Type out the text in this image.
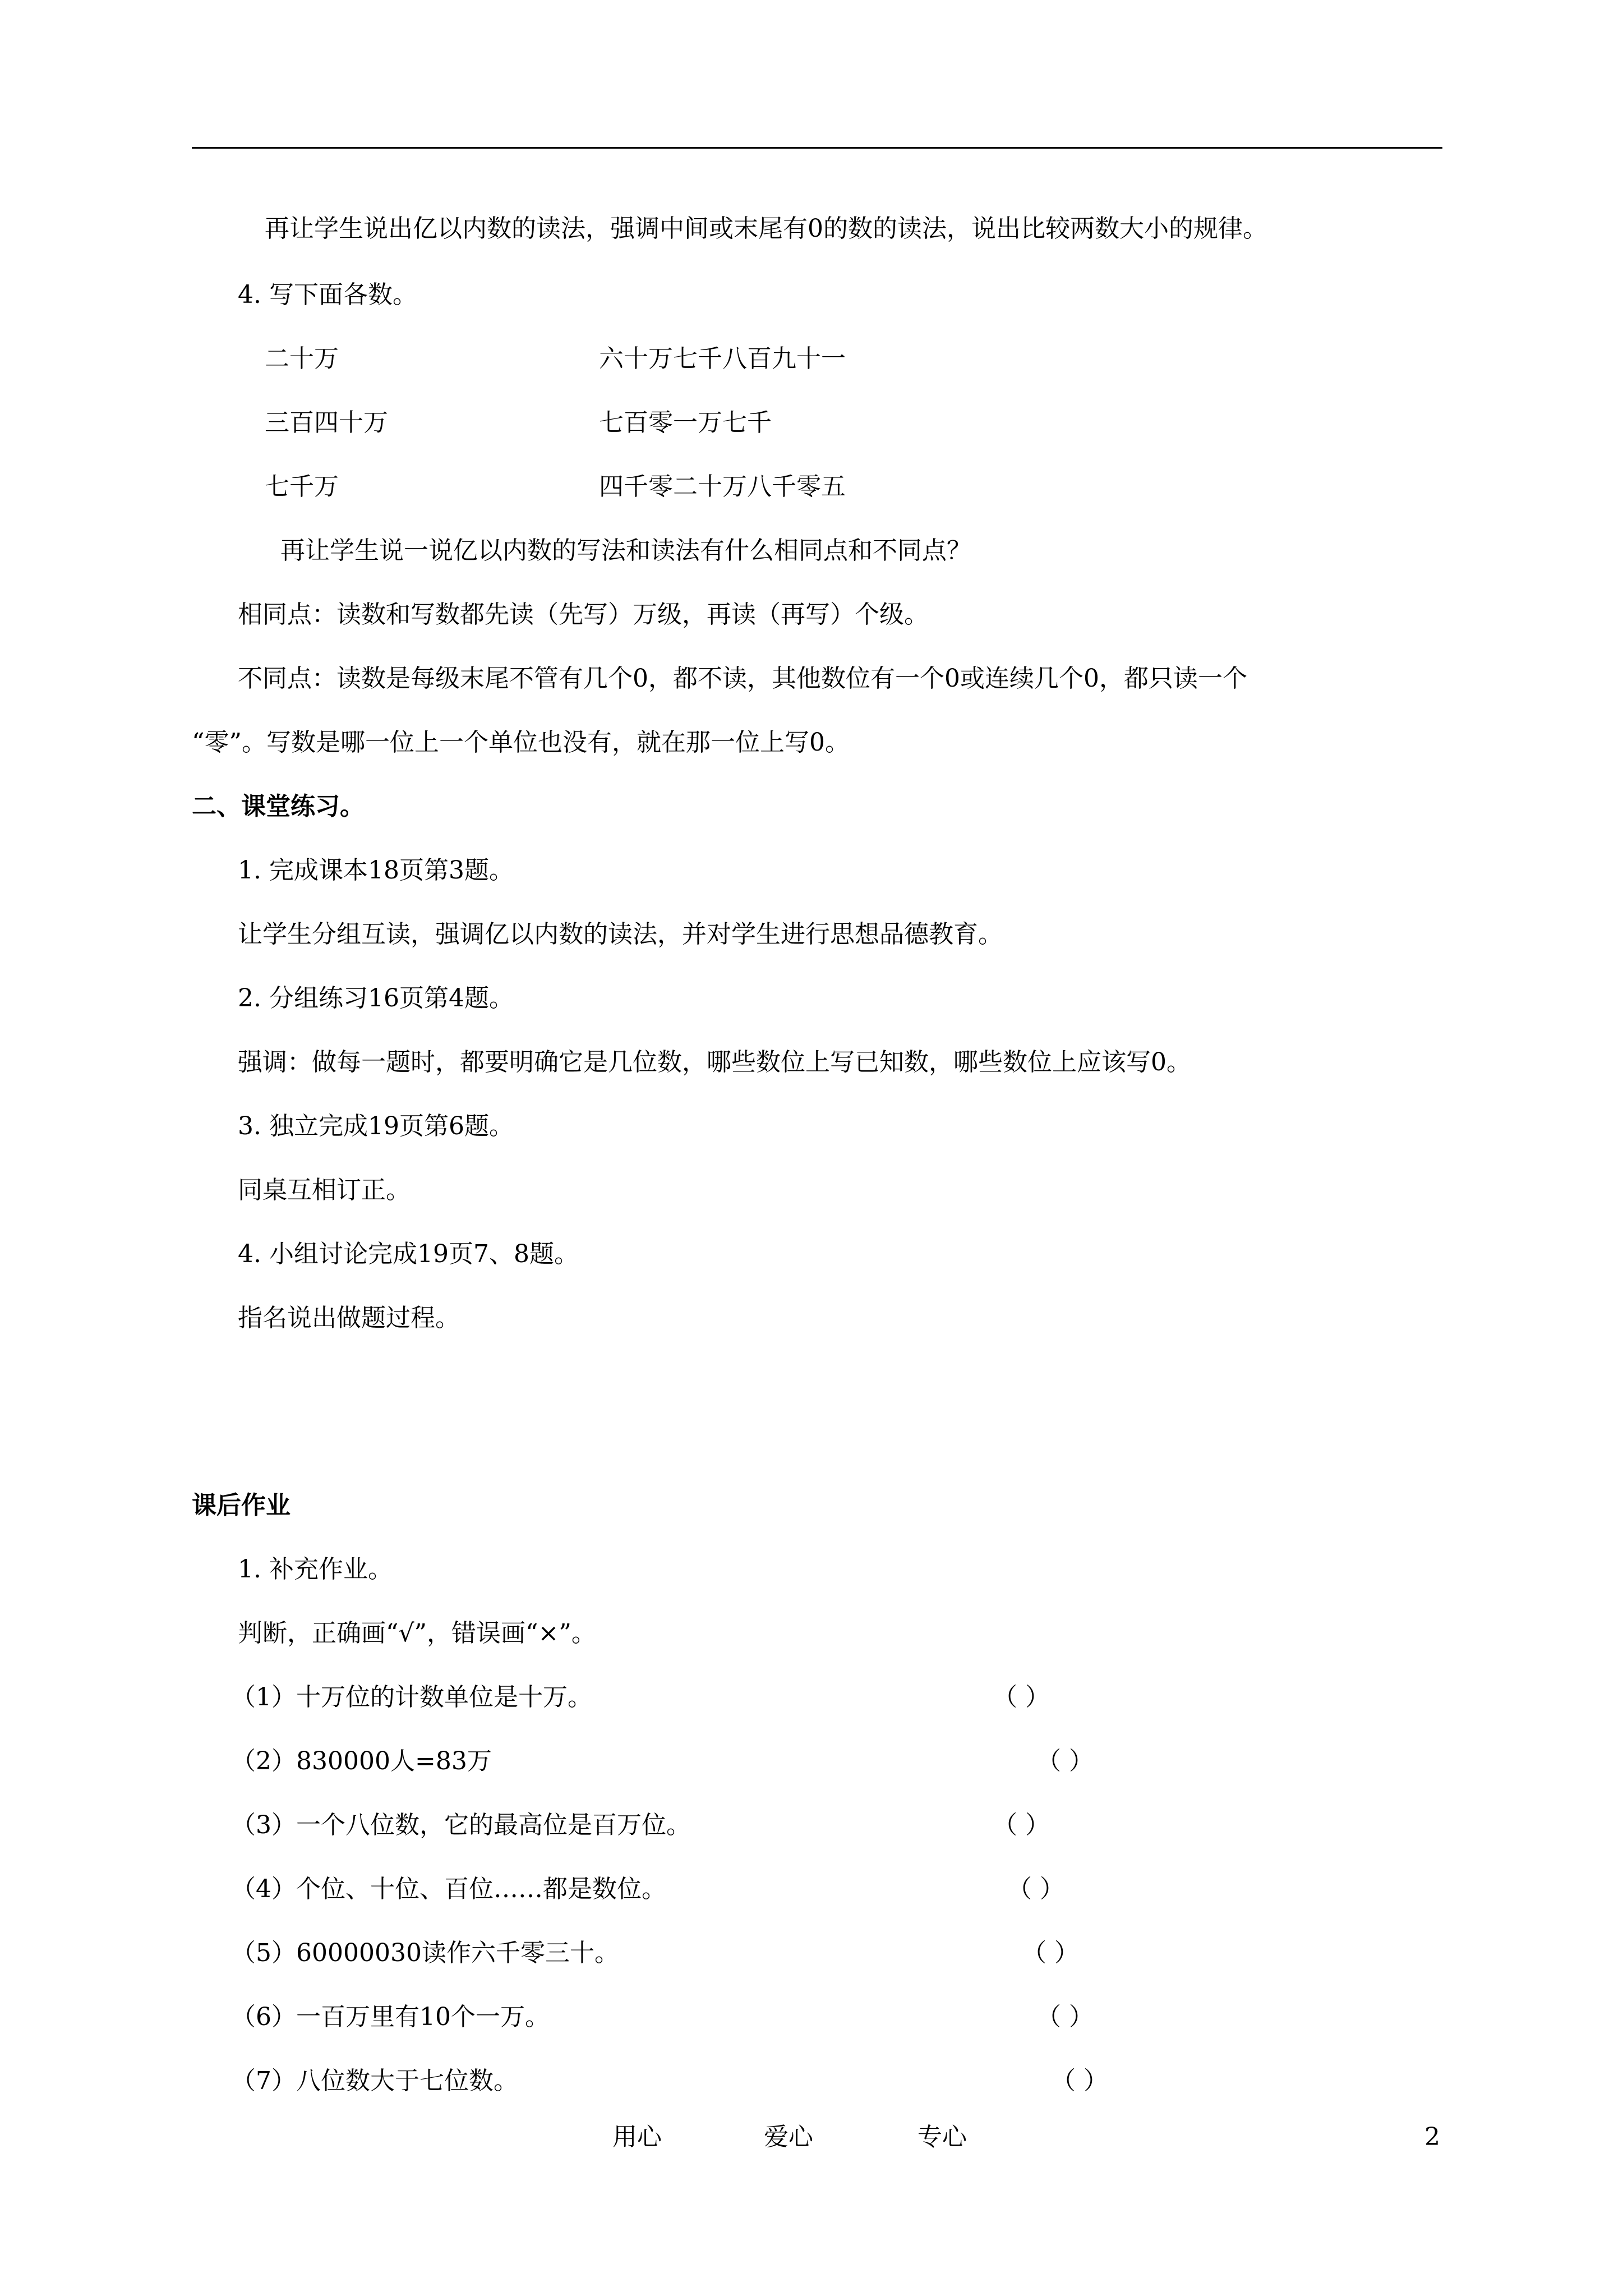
再让学生说出亿以内数的读法，强调中间或末尾有0的数的读法，说出比较两数大小的规律。
4. 写下面各数。
二十万	六十万七千八百九十一
三百四十万	七百零一万七千
七千万	四千零二十万八千零五
再让学生说一说亿以内数的写法和读法有什么相同点和不同点？
相同点：读数和写数都先读（先写）万级，再读（再写）个级。
不同点：读数是每级末尾不管有几个0，都不读，其他数位有一个0或连续几个0，都只读一个
“零”。写数是哪一位上一个单位也没有，就在那一位上写0。
二、课堂练习。
1. 完成课本18页第3题。
让学生分组互读，强调亿以内数的读法，并对学生进行思想品德教育。
2. 分组练习16页第4题。
强调：做每一题时，都要明确它是几位数，哪些数位上写已知数，哪些数位上应该写0。
3. 独立完成19页第6题。
同桌互相订正。
4. 小组讨论完成19页7、8题。
指名说出做题过程。
课后作业
1. 补充作业。
判断，正确画“√”，错误画“×”。
（1）十万位的计数单位是十万。	（ ）
（2）830000人=83万	（ ）
（3）一个八位数，它的最高位是百万位。	（ ）
（4）个位、十位、百位……都是数位。	（ ）
（5）60000030读作六千零三十。	（ ）
（6）一百万里有10个一万。	（ ）
（7）八位数大于七位数。	（ ）
用心	爱心	专心	2
